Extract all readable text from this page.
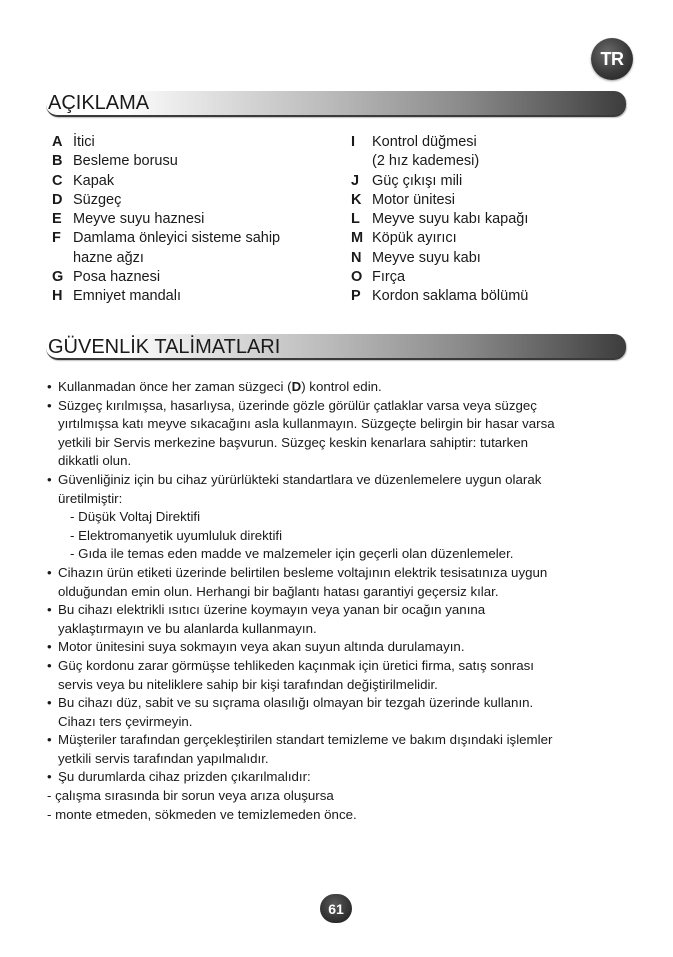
TR
AÇIKLAMA
A İtici
B Besleme borusu
C Kapak
D Süzgeç
E Meyve suyu haznesi
F Damlama önleyici sisteme sahip
hazne ağzı
G Posa haznesi
H Emniyet mandalı
I	Kontrol düğmesi
(2 hız kademesi)
J Güç çıkışı mili
K Motor ünitesi
L Meyve suyu kabı kapağı
M Köpük ayırıcı
N Meyve suyu kabı
O Fırça
P Kordon saklama bölümü
GÜVENLİK TALİMATLARI
• Kullanmadan önce her zaman süzgeci (D) kontrol edin.
• Süzgeç kırılmışsa, hasarlıysa, üzerinde gözle görülür çatlaklar varsa veya süzgeç
yırtılmışsa katı meyve sıkacağını asla kullanmayın. Süzgeçte belirgin bir hasar varsa
yetkili bir Servis merkezine başvurun. Süzgeç keskin kenarlara sahiptir: tutarken
dikkatli olun.
• Güvenliğiniz için bu cihaz yürürlükteki standartlara ve düzenlemelere uygun olarak
üretilmiştir:
- Düşük Voltaj Direktifi
- Elektromanyetik uyumluluk direktifi
- Gıda ile temas eden madde ve malzemeler için geçerli olan düzenlemeler.
• Cihazın ürün etiketi üzerinde belirtilen besleme voltajının elektrik tesisatınıza uygun
olduğundan emin olun. Herhangi bir bağlantı hatası garantiyi geçersiz kılar.
• Bu cihazı elektrikli ısıtıcı üzerine koymayın veya yanan bir ocağın yanına
yaklaştırmayın ve bu alanlarda kullanmayın.
• Motor ünitesini suya sokmayın veya akan suyun altında durulamayın.
• Güç kordonu zarar görmüşse tehlikeden kaçınmak için üretici firma, satış sonrası
servis veya bu niteliklere sahip bir kişi tarafından değiştirilmelidir.
• Bu cihazı düz, sabit ve su sıçrama olasılığı olmayan bir tezgah üzerinde kullanın.
Cihazı ters çevirmeyin.
• Müşteriler tarafından gerçekleştirilen standart temizleme ve bakım dışındaki işlemler
yetkili servis tarafından yapılmalıdır.
• Şu durumlarda cihaz prizden çıkarılmalıdır:
- çalışma sırasında bir sorun veya arıza oluşursa
- monte etmeden, sökmeden ve temizlemeden önce.
61
